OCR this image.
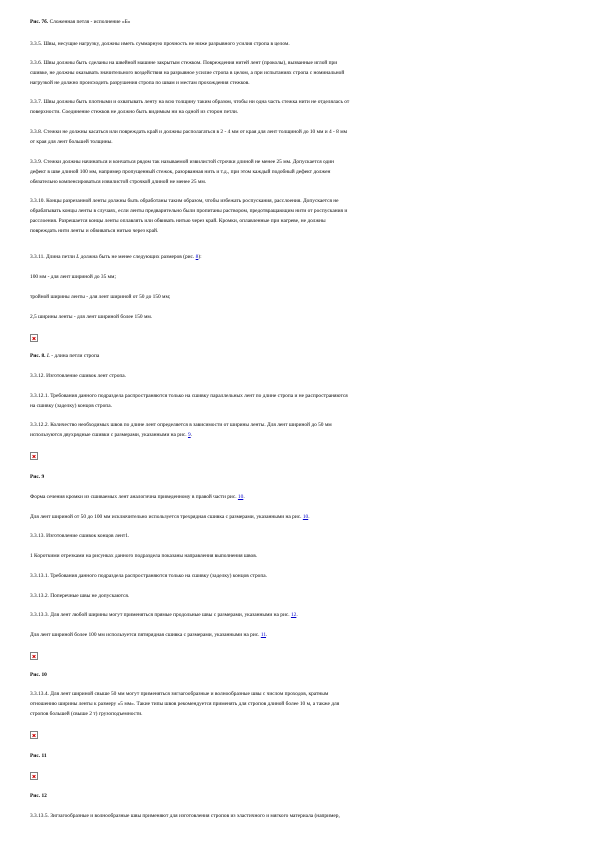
Рис. 7б. Сложенная петля - исполнение «Б»
3.3.5. Швы, несущие нагрузку, должны иметь суммарную прочность не ниже разрывного усилия стропа в целом.
3.3.6. Швы должны быть сделаны на швейной машине закрытым стежком. Повреждения нитей лент (проколы), вызванные иглой при
сшивке, не должны оказывать значительного воздействия на разрывное усилие стропа в целом, а при испытаниях стропа с номинальной
нагрузкой не должно происходить разрушения стропа по швам и местам прохождения стежков.
3.3.7. Швы должны быть плотными и охватывать ленту на всю толщину таким образом, чтобы ни одна часть стежка нити не отделялась от
поверхности. Соединение стежков не должно быть видимым ни на одной из сторон петли.
3.3.8. Стежки не должны касаться или повреждать край и должны располагаться в 2 - 4 мм от края для лент толщиной до 10 мм и 4 - 8 мм
от края для лент большей толщины.
3.3.9. Стежки должны начинаться и кончаться рядом так называемой извилистой строчки длиной не менее 25 мм. Допускается один
дефект в шве длиной 100 мм, например пропущенный стежок, разорванная нить и т.д., при этом каждый подобный дефект должен
обязательно компенсироваться извилистой строчкой длиной не менее 25 мм.
3.3.10. Концы разрезанной ленты должны быть обработаны таким образом, чтобы избежать роспускания, расслоения. Допускается не
обрабатывать концы ленты в случаях, если ленты предварительно были пропитаны раствором, предотвращающим нити от роспускания и
расслоения. Разрешается концы ленты оплавлять или обвивать нитью через край. Кромки, оплавленные при нагреве, не должны
повреждать нити ленты и обвиваться нитью через край.
3.3.11. Длина петли L должна быть не менее следующих размеров (рис. 8):
100 мм - для лент шириной до 35 мм;
тройной ширины ленты - для лент шириной от 50 до 150 мм;
2,5 ширины ленты - для лент шириной более 150 мм.
Рис. 8. L - длина петли стропа
3.3.12. Изготовление сшивок лент стропа.
3.3.12.1. Требования данного подраздела распространяются только на сшивку параллельных лент по длине стропа и не распространяются
на сшивку (заделку) концов стропа.
3.3.12.2. Количество необходимых швов по длине лент определяется в зависимости от ширины ленты. Для лент шириной до 50 мм
используются двухрядные сшивки с размерами, указанными на рис. 9.
Рис. 9
Форма сечения кромки из сшиваемых лент аналогична приведенному в правой части рис. 10.
Для лент шириной от 50 до 100 мм исключительно используется трехрядная сшивка с размерами, указанными на рис. 10.
3.3.13. Изготовление сшивок концов лент1.
1 Короткими отрезками на рисунках данного подраздела показаны направления выполнения швов.
3.3.13.1. Требования данного подраздела распространяются только на сшивку (заделку) концов стропа.
3.3.13.2. Поперечные швы не допускаются.
3.3.13.3. Для лент любой ширины могут применяться прямые продольные швы с размерами, указанными на рис. 12.
Для лент шириной более 100 мм используется пятирядная сшивка с размерами, указанными на рис. 11.
Рис. 10
3.3.13.4. Для лент шириной свыше 50 мм могут применяться зигзагообразные и волнообразные швы с числом проходов, кратным
отношению ширины ленты к размеру «5 мм». Такие типы швов рекомендуется применять для стропов длиной более 10 м, а также для
стропов большей (свыше 2 т) грузоподъемности.
Рис. 11
Рис. 12
3.3.13.5. Зигзагообразные и волнообразные швы применяют для изготовления стропов из эластичного и мягкого материала (например,
